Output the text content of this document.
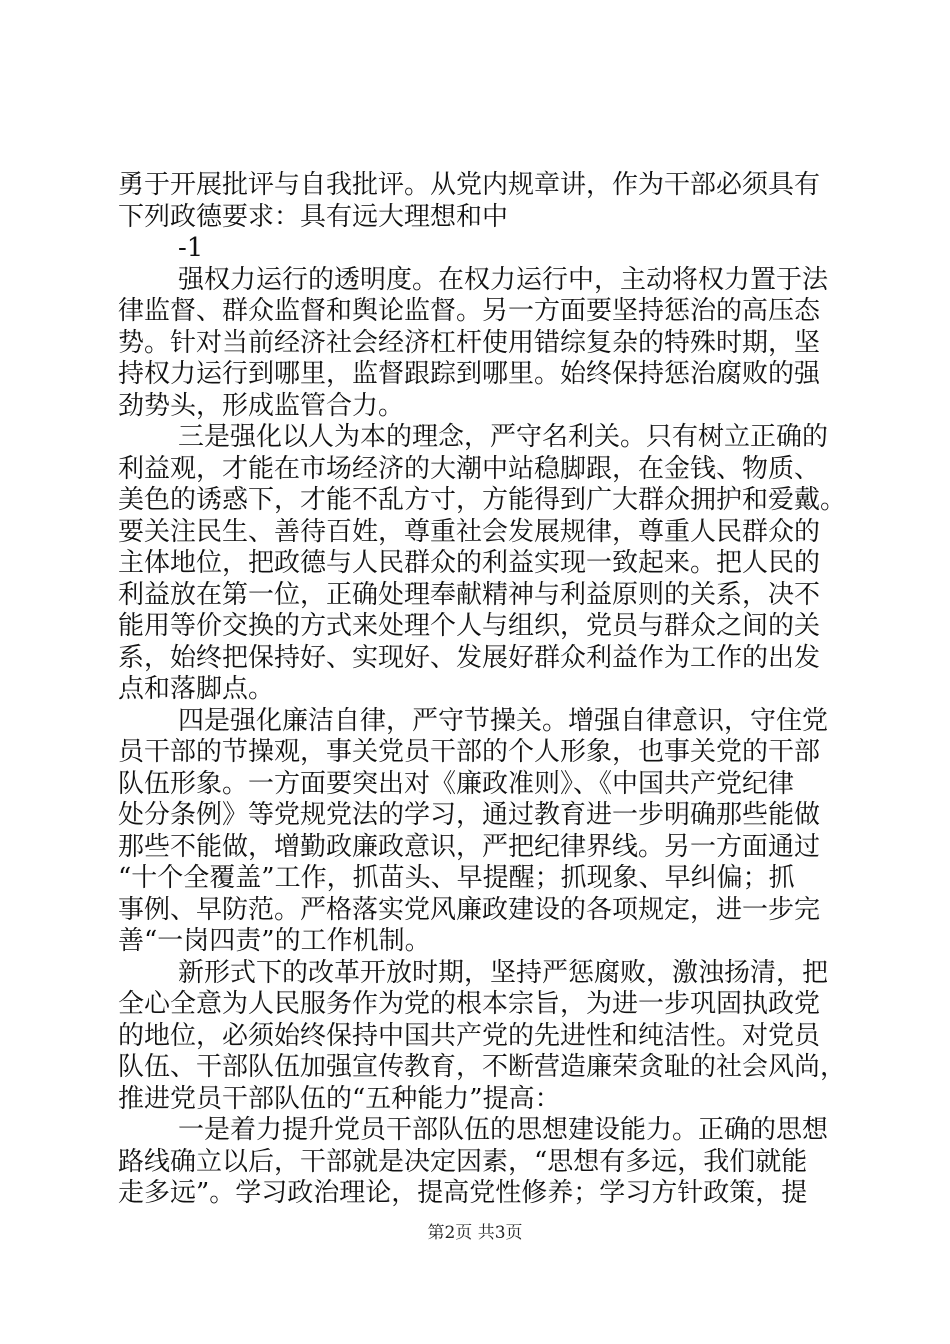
勇于开展批评与自我批评。从党内规章讲，作为干部必须具有
下列政德要求：具有远大理想和中
-1
强权力运行的透明度。在权力运行中，主动将权力置于法
律监督、群众监督和舆论监督。另一方面要坚持惩治的高压态
势。针对当前经济社会经济杠杆使用错综复杂的特殊时期，坚
持权力运行到哪里，监督跟踪到哪里。始终保持惩治腐败的强
劲势头，形成监管合力。
三是强化以人为本的理念，严守名利关。只有树立正确的
利益观，才能在市场经济的大潮中站稳脚跟，在金钱、物质、
美色的诱惑下，才能不乱方寸，方能得到广大群众拥护和爱戴。
要关注民生、善待百姓，尊重社会发展规律，尊重人民群众的
主体地位，把政德与人民群众的利益实现一致起来。把人民的
利益放在第一位，正确处理奉献精神与利益原则的关系，决不
能用等价交换的方式来处理个人与组织，党员与群众之间的关
系，始终把保持好、实现好、发展好群众利益作为工作的出发
点和落脚点。
四是强化廉洁自律，严守节操关。增强自律意识，守住党
员干部的节操观，事关党员干部的个人形象，也事关党的干部
队伍形象。一方面要突出对《廉政准则》、《中国共产党纪律
处分条例》等党规党法的学习，通过教育进一步明确那些能做
那些不能做，增勤政廉政意识，严把纪律界线。另一方面通过
“十个全覆盖”工作，抓苗头、早提醒；抓现象、早纠偏；抓
事例、早防范。严格落实党风廉政建设的各项规定，进一步完
善“一岗四责”的工作机制。
新形式下的改革开放时期，坚持严惩腐败，激浊扬清，把
全心全意为人民服务作为党的根本宗旨，为进一步巩固执政党
的地位，必须始终保持中国共产党的先进性和纯洁性。对党员
队伍、干部队伍加强宣传教育，不断营造廉荣贪耻的社会风尚，
推进党员干部队伍的“五种能力”提高：
一是着力提升党员干部队伍的思想建设能力。正确的思想
路线确立以后，干部就是决定因素，“思想有多远，我们就能
走多远”。学习政治理论，提高党性修养；学习方针政策，提
第2页 共3页
